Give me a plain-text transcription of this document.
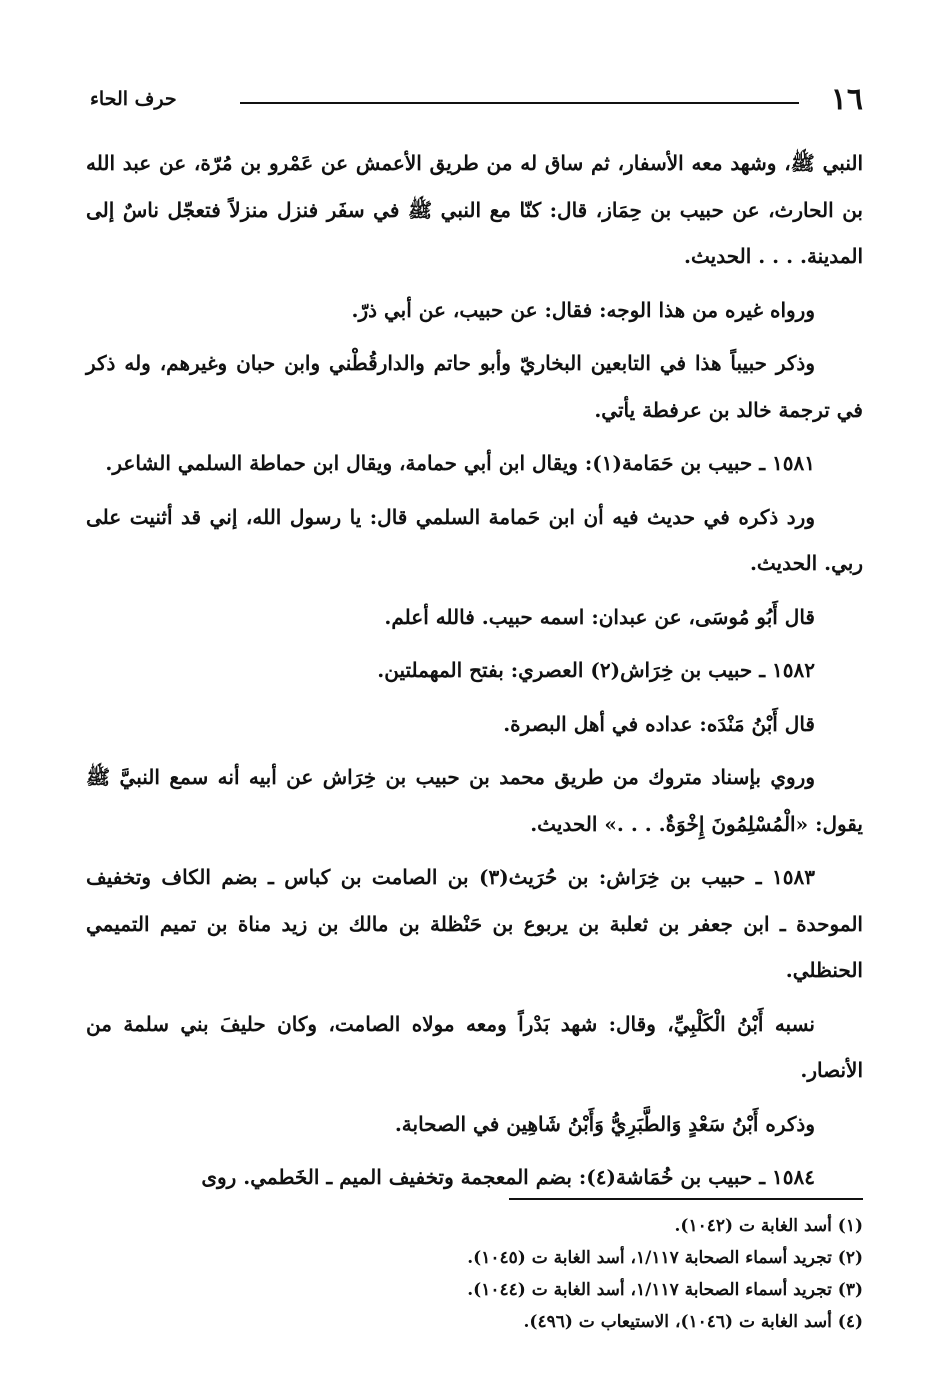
١٦
حرف الحاء

النبي ﷺ، وشهد معه الأسفار، ثم ساق له من طريق الأعمش عن عَمْرو بن مُرّة، عن عبد الله بن الحارث، عن حبيب بن حِمَاز، قال: كنّا مع النبي ﷺ في سفَر فنزل منزلاً فتعجّل ناسٌ إلى المدينة. . . . الحديث.

ورواه غيره من هذا الوجه: فقال: عن حبيب، عن أبي ذرّ.

وذكر حبيباً هذا في التابعين البخاريّ وأبو حاتم والدارقُطْني وابن حبان وغيرهم، وله ذكر في ترجمة خالد بن عرفطة يأتي.

١٥٨١ ـ حبيب بن حَمَامة(١): ويقال ابن أبي حمامة، ويقال ابن حماطة السلمي الشاعر.

ورد ذكره في حديث فيه أن ابن حَمامة السلمي قال: يا رسول الله، إني قد أثنيت على ربي. الحديث.

قال أَبُو مُوسَى، عن عبدان: اسمه حبيب. فالله أعلم.

١٥٨٢ ـ حبيب بن خِرَاش(٢) العصري: بفتح المهملتين.

قال أَبْنُ مَنْدَه: عداده في أهل البصرة.

وروي بإسناد متروك من طريق محمد بن حبيب بن خِرَاش عن أبيه أنه سمع النبيَّ ﷺ يقول: «الْمُسْلِمُونَ إِخْوَةٌ. . . .» الحديث.

١٥٨٣ ـ حبيب بن خِرَاش: بن حُرَيث(٣) بن الصامت بن كباس ـ بضم الكاف وتخفيف الموحدة ـ ابن جعفر بن ثعلبة بن يربوع بن حَنْظلة بن مالك بن زيد مناة بن تميم التميمي الحنظلي.

نسبه أَبْنُ الْكَلْبِيِّ، وقال: شهد بَدْراً ومعه مولاه الصامت، وكان حليفَ بني سلمة من الأنصار.

وذكره أَبْنُ سَعْدٍ وَالطَّبَرِيُّ وَأَبْنُ شَاهِين في الصحابة.

١٥٨٤ ـ حبيب بن خُمَاشة(٤): بضم المعجمة وتخفيف الميم ـ الخَطمي. روى

(١) أسد الغابة ت (١٠٤٢).

(٢) تجريد أسماء الصحابة ١/١١٧، أسد الغابة ت (١٠٤٥).

(٣) تجريد أسماء الصحابة ١/١١٧، أسد الغابة ت (١٠٤٤).

(٤) أسد الغابة ت (١٠٤٦)، الاستيعاب ت (٤٩٦).
